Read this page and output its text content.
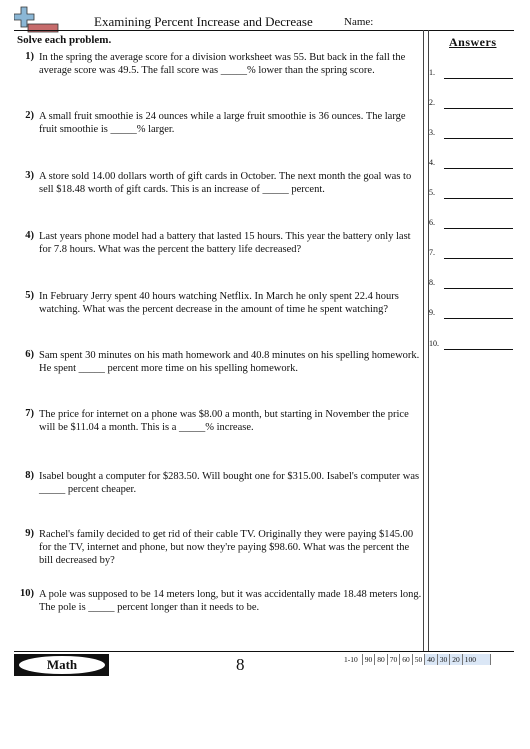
Examining Percent Increase and Decrease	Name:
Solve each problem.
1) In the spring the average score for a division worksheet was 55. But back in the fall the average score was 49.5. The fall score was _____% lower than the spring score.
2) A small fruit smoothie is 24 ounces while a large fruit smoothie is 36 ounces. The large fruit smoothie is _____% larger.
3) A store sold 14.00 dollars worth of gift cards in October. The next month the goal was to sell $18.48 worth of gift cards. This is an increase of _____ percent.
4) Last years phone model had a battery that lasted 15 hours. This year the battery only last for 7.8 hours. What was the percent the battery life decreased?
5) In February Jerry spent 40 hours watching Netflix. In March he only spent 22.4 hours watching. What was the percent decrease in the amount of time he spent watching?
6) Sam spent 30 minutes on his math homework and 40.8 minutes on his spelling homework. He spent _____ percent more time on his spelling homework.
7) The price for internet on a phone was $8.00 a month, but starting in November the price will be $11.04 a month. This is a _____% increase.
8) Isabel bought a computer for $283.50. Will bought one for $315.00. Isabel's computer was _____ percent cheaper.
9) Rachel's family decided to get rid of their cable TV. Originally they were paying $145.00 for the TV, internet and phone, but now they're paying $98.60. What was the percent the bill decreased by?
10) A pole was supposed to be 14 meters long, but it was accidentally made 18.48 meters long. The pole is _____ percent longer than it needs to be.
Answers
1.
2.
3.
4.
5.
6.
7.
8.
9.
10.
Math	8	1-10 90 80 70 60 50 40 30 20 100
